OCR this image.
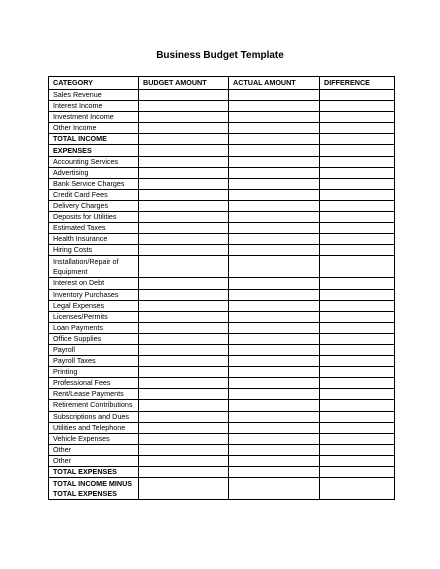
Business Budget Template
CATEGORY	BUDGET AMOUNT	ACTUAL AMOUNT	DIFFERENCE
Sales Revenue			
Interest Income			
Investment Income			
Other Income			
TOTAL INCOME			
EXPENSES			
Accounting Services			
Advertising			
Bank Service Charges			
Credit Card Fees			
Delivery Charges			
Deposits for Utilities			
Estimated Taxes			
Health Insurance			
Hiring Costs			
Installation/Repair of Equipment			
Interest on Debt			
Inventory Purchases			
Legal Expenses			
Licenses/Permits			
Loan Payments			
Office Supplies			
Payroll			
Payroll Taxes			
Printing			
Professional Fees			
Rent/Lease Payments			
Retirement Contributions			
Subscriptions and Dues			
Utilities and Telephone			
Vehicle Expenses			
Other			
Other			
TOTAL EXPENSES			
TOTAL INCOME MINUS TOTAL EXPENSES			
